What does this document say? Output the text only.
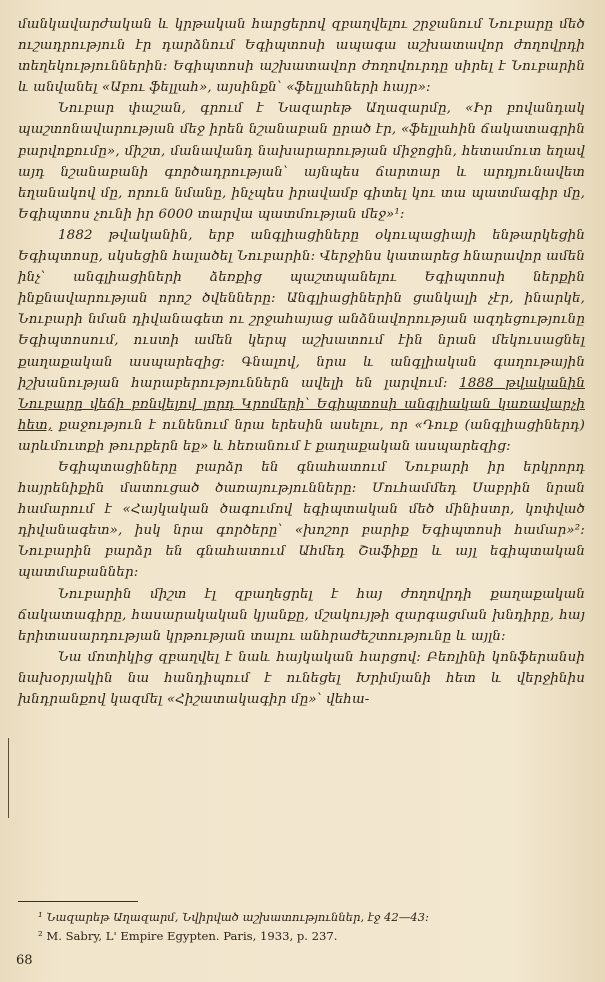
մանկավարժական և կրթական հարցերով զբաղվելու շրջանում Նուբարը մեծ ուշադրություն էր դարձնում Եգիպտոսի ապագա աշխատավոր ժողովրդի տեղեկություններին։ Եգիպտոսի աշխատավոր ժողովուրդը սիրել է Նուբարին և անվանել «Աբու ֆելլահ», այսինքն՝ «ֆելլահների հայր»։

Նուբար փաշան, գրում է Նազարեթ Աղազարմը, «Իր բովանդակ պաշտոնավարության մեջ իրեն նշանաբան ըրած էր, «ֆելլահին ճակատագրին բարվոքումը», միշտ, մանավանդ նախարարության միջոցին, հետամուտ եղավ այդ նշանաբանի գործադրության՝ այնպես ճարտար և արդյունավետ եղանակով մը, որուն նմանը, ինչպես իրավամբ գիտել կու տա պատմագիր մը, Եգիպտոս չունի իր 6000 տարվա պատմության մեջ»¹։

1882 թվականին, երբ անգլիացիները օկուպացիայի ենթարկեցին Եգիպտոսը, սկսեցին հալածել Նուբարին։ Վերջինս կատարեց հնարավոր ամեն ինչ՝ անգլիացիների ձեռքից պաշտպանելու Եգիպտոսի ներքին ինքնավարության որոշ ծվենները։ Անգլիացիներին ցանկալի չէր, ինարկե, Նուբարի նման դիվանագետ ու շրջահայաց անձնավորության ազդեցությունը Եգիպտոսում, ուստի ամեն կերպ աշխատում էին նրան մեկուսացնել քաղաքական ասպարեզից։ Գնալով, նրա և անգլիական գաղութային իշխանության հարաբերություններն ավելի են լարվում։ 1888 թվականին Նուբարը վեճի բռնվելով լորդ Կրոմերի՝ Եգիպտոսի անգլիական կառավարչի հետ, քաջություն է ունենում նրա երեսին ասելու, որ «Դուք (անգլիացիներդ) արևմուտքի թուրքերն եք» և հեռանում է քաղաքական ասպարեզից։

Եգիպտացիները բարձր են գնահատում Նուբարի իր երկրորդ հայրենիքին մատուցած ծառայությունները։ Մուհամմեդ Սաբրին նրան համարում է «Հայկական ծագումով եգիպտական մեծ մինիստր, կոփված դիվանագետ», իսկ նրա գործերը՝ «խոշոր բարիք Եգիպտոսի համար»²։ Նուբարին բարձր են գնահատում Ահմեդ Շաֆիքը և այլ եգիպտական պատմաբաններ։

Նուբարին միշտ էլ զբաղեցրել է հայ ժողովրդի քաղաքական ճակատագիրը, հասարակական կյանքը, մշակույթի զարգացման խնդիրը, հայ երիտասարդության կրթության տալու անհրաժեշտությունը և այլն։

Նա մոտիկից զբաղվել է նաև հայկական հարցով։ Բեռլինի կոնֆերանսի նախօրյակին նա հանդիպում է ունեցել Խրիմյանի հետ և վերջինիս խնդրանքով կազմել «Հիշատակագիր մը»՝ վեհա-

¹ Նազարեթ Աղազարմ, Նվիրված աշխատություններ, էջ 42—43։
² M. Sabry, L' Empire Egypten. Paris, 1933, p. 237.
68
